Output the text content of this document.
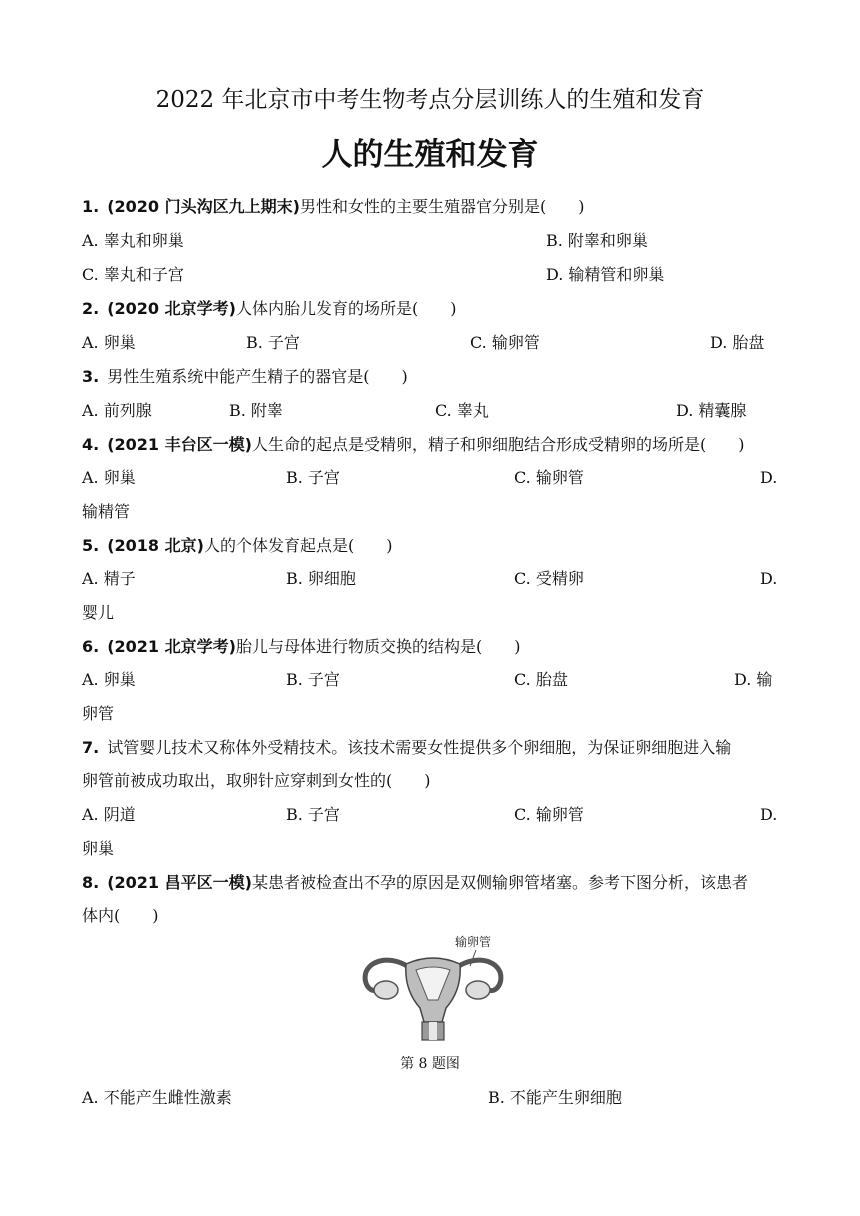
2022 年北京市中考生物考点分层训练人的生殖和发育
人的生殖和发育
1. (2020 门头沟区九上期末)男性和女性的主要生殖器官分别是(　　)
A. 睾丸和卵巢	B. 附睾和卵巢
C. 睾丸和子宫	D. 输精管和卵巢
2. (2020 北京学考)人体内胎儿发育的场所是(　　)
A. 卵巢	B. 子宫	C. 输卵管	D. 胎盘
3. 男性生殖系统中能产生精子的器官是(　　)
A. 前列腺	B. 附睾	C. 睾丸	D. 精囊腺
4. (2021 丰台区一模)人生命的起点是受精卵，精子和卵细胞结合形成受精卵的场所是(　　)
A. 卵巢	B. 子宫	C. 输卵管	D.
输精管
5. (2018 北京)人的个体发育起点是(　　)
A. 精子	B. 卵细胞	C. 受精卵	D.
婴儿
6. (2021 北京学考)胎儿与母体进行物质交换的结构是(　　)
A. 卵巢	B. 子宫	C. 胎盘	D. 输
卵管
7. 试管婴儿技术又称体外受精技术。该技术需要女性提供多个卵细胞，为保证卵细胞进入输
卵管前被成功取出，取卵针应穿刺到女性的(　　)
A. 阴道	B. 子宫	C. 输卵管	D.
卵巢
8. (2021 昌平区一模)某患者被检查出不孕的原因是双侧输卵管堵塞。参考下图分析，该患者
体内(　　)
输卵管
第 8 题图
A. 不能产生雌性激素	B. 不能产生卵细胞
